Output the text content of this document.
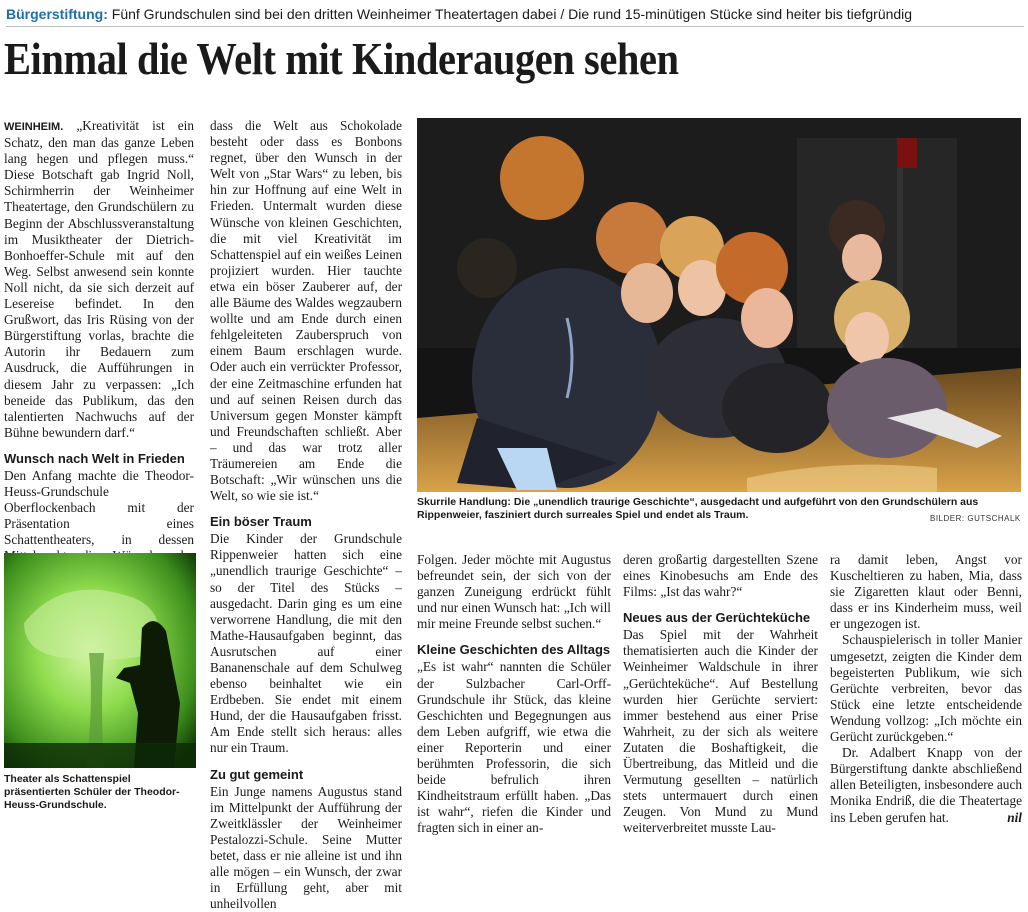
Bürgerstiftung: Fünf Grundschulen sind bei den dritten Weinheimer Theatertagen dabei / Die rund 15-minütigen Stücke sind heiter bis tiefgründig
Einmal die Welt mit Kinderaugen sehen

WEINHEIM. „Kreativität ist ein Schatz, den man das ganze Leben lang hegen und pflegen muss.“ Diese Botschaft gab Ingrid Noll, Schirmherrin der Weinheimer Theatertage, den Grundschülern zu Beginn der Abschlussveranstaltung im Musiktheater der Dietrich-Bonhoeffer-Schule mit auf den Weg. Selbst anwesend sein konnte Noll nicht, da sie sich derzeit auf Lesereise befindet. In den Grußwort, das Iris Rüsing von der Bürgerstiftung vorlas, brachte die Autorin ihr Bedauern zum Ausdruck, die Aufführungen in diesem Jahr zu verpassen: „Ich beneide das Publikum, das den talentierten Nachwuchs auf der Bühne bewundern darf.“

Wunsch nach Welt in Frieden

Den Anfang machte die Theodor-Heuss-Grundschule Oberflockenbach mit der Präsentation eines Schattentheaters, in dessen

Theater als Schattenspiel präsentierten Schüler der Theodor-Heuss-Grundschule.

dass die Welt aus Schokolade besteht oder dass es Bonbons regnet, über den Wunsch in der Welt von „Star Wars“ zu leben, bis hin zur Hoffnung auf eine Welt in Frieden. Untermalt wurden diese Wünsche von kleinen Geschichten, die mit viel Kreativität im Schattenspiel auf ein weißes Leinen projiziert wurden. Hier tauchte etwa ein böser Zauberer auf, der alle Bäume des Waldes wegzaubern wollte und am Ende durch einen fehlgeleiteten Zauberspruch von einem Baum erschlagen wurde. Oder auch ein verrückter Professor, der eine Zeitmaschine erfunden hat und auf seinen Reisen durch das Universum gegen Monster kämpft und Freundschaften schließt. Aber – und das war trotz aller Träumereien am Ende die Botschaft: „Wir wünschen uns die Welt, so wie sie ist.“

Ein böser Traum

Die Kinder der Grundschule Rippenweier hatten sich eine „unendlich traurige Geschichte“ – so der Titel des Stücks – ausgedacht. Darin ging es um eine verworrene Handlung, die mit den Mathe-Hausaufgaben beginnt, das Ausrutschen auf einer Bananenschale auf dem Schulweg ebenso beinhaltet wie ein Erdbeben. Sie endet mit einem Hund, der die Hausaufgaben frisst. Am Ende stellt sich heraus: alles nur ein Traum.

Zu gut gemeint

Ein Junge namens Augustus stand im Mittelpunkt der Aufführung der Zweitklässler der Weinheimer Pestalozzi-Schule. Seine Mutter betet, dass er nie alleine ist und ihn alle mögen – ein Wunsch, der zwar in Erfüllung geht, aber mit unheilvollen

Skurrile Handlung: Die „unendlich traurige Geschichte“, ausgedacht und aufgeführt von den Grundschülern aus Rippenweier, fasziniert durch surreales Spiel und endet als Traum.	BILDER: GUTSCHALK

Folgen. Jeder möchte mit Augustus befreundet sein, der sich von der ganzen Zuneigung erdrückt fühlt und nur einen Wunsch hat: „Ich will mir meine Freunde selbst suchen.“

Kleine Geschichten des Alltags

„Es ist wahr“ nannten die Schüler der Sulzbacher Carl-Orff-Grundschule ihr Stück, das kleine Geschichten und Begegnungen aus dem Leben aufgriff, wie etwa die einer Reporterin und einer berühmten Professorin, die sich beide befrulich ihren Kindheitstraum erfüllt haben. „Das ist wahr“, riefen die Kinder und fragten sich in einer an-

deren großartig dargestellten Szene eines Kinobesuchs am Ende des Films: „Ist das wahr?“

Neues aus der Gerüchteküche

Das Spiel mit der Wahrheit thematisierten auch die Kinder der Weinheimer Waldschule in ihrer „Gerüchteküche“. Auf Bestellung wurden hier Gerüchte serviert: immer bestehend aus einer Prise Wahrheit, zu der sich als weitere Zutaten die Boshaftigkeit, die Übertreibung, das Mitleid und die Vermutung gesellten – natürlich stets untermauert durch einen Zeugen. Von Mund zu Mund weiterverbreitet musste Lau-

ra damit leben, Angst vor Kuscheltieren zu haben, Mia, dass sie Zigaretten klaut oder Benni, dass er ins Kinderheim muss, weil er ungezogen ist.

Schauspielerisch in toller Manier umgesetzt, zeigten die Kinder dem begeisterten Publikum, wie sich Gerüchte verbreiten, bevor das Stück eine letzte entscheidende Wendung vollzog: „Ich möchte ein Gerücht zurückgeben.“

Dr. Adalbert Knapp von der Bürgerstiftung dankte abschließend allen Beteiligten, insbesondere auch Monika Endriß, die die Theatertage ins Leben gerufen hat.	nil
